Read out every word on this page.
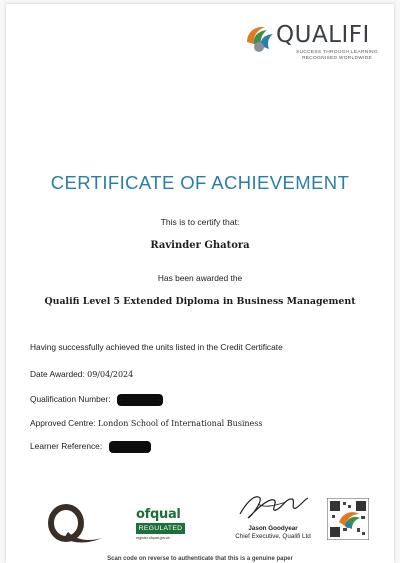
QUALIFI
SUCCESS THROUGH LEARNING
RECOGNISED WORLDWIDE
CERTIFICATE OF ACHIEVEMENT
This is to certify that:
Ravinder Ghatora
Has been awarded the
Qualifi Level 5 Extended Diploma in Business Management
Having successfully achieved the units listed in the Credit Certificate
Date Awarded: 09/04/2024
Qualification Number:
Approved Centre: London School of International Business
Learner Reference:
ofqual
REGULATED
register.ofqual.gov.uk
Jason Goodyear
Chief Executive, Qualifi Ltd
Scan code on reverse to authenticate that this is a genuine paper
